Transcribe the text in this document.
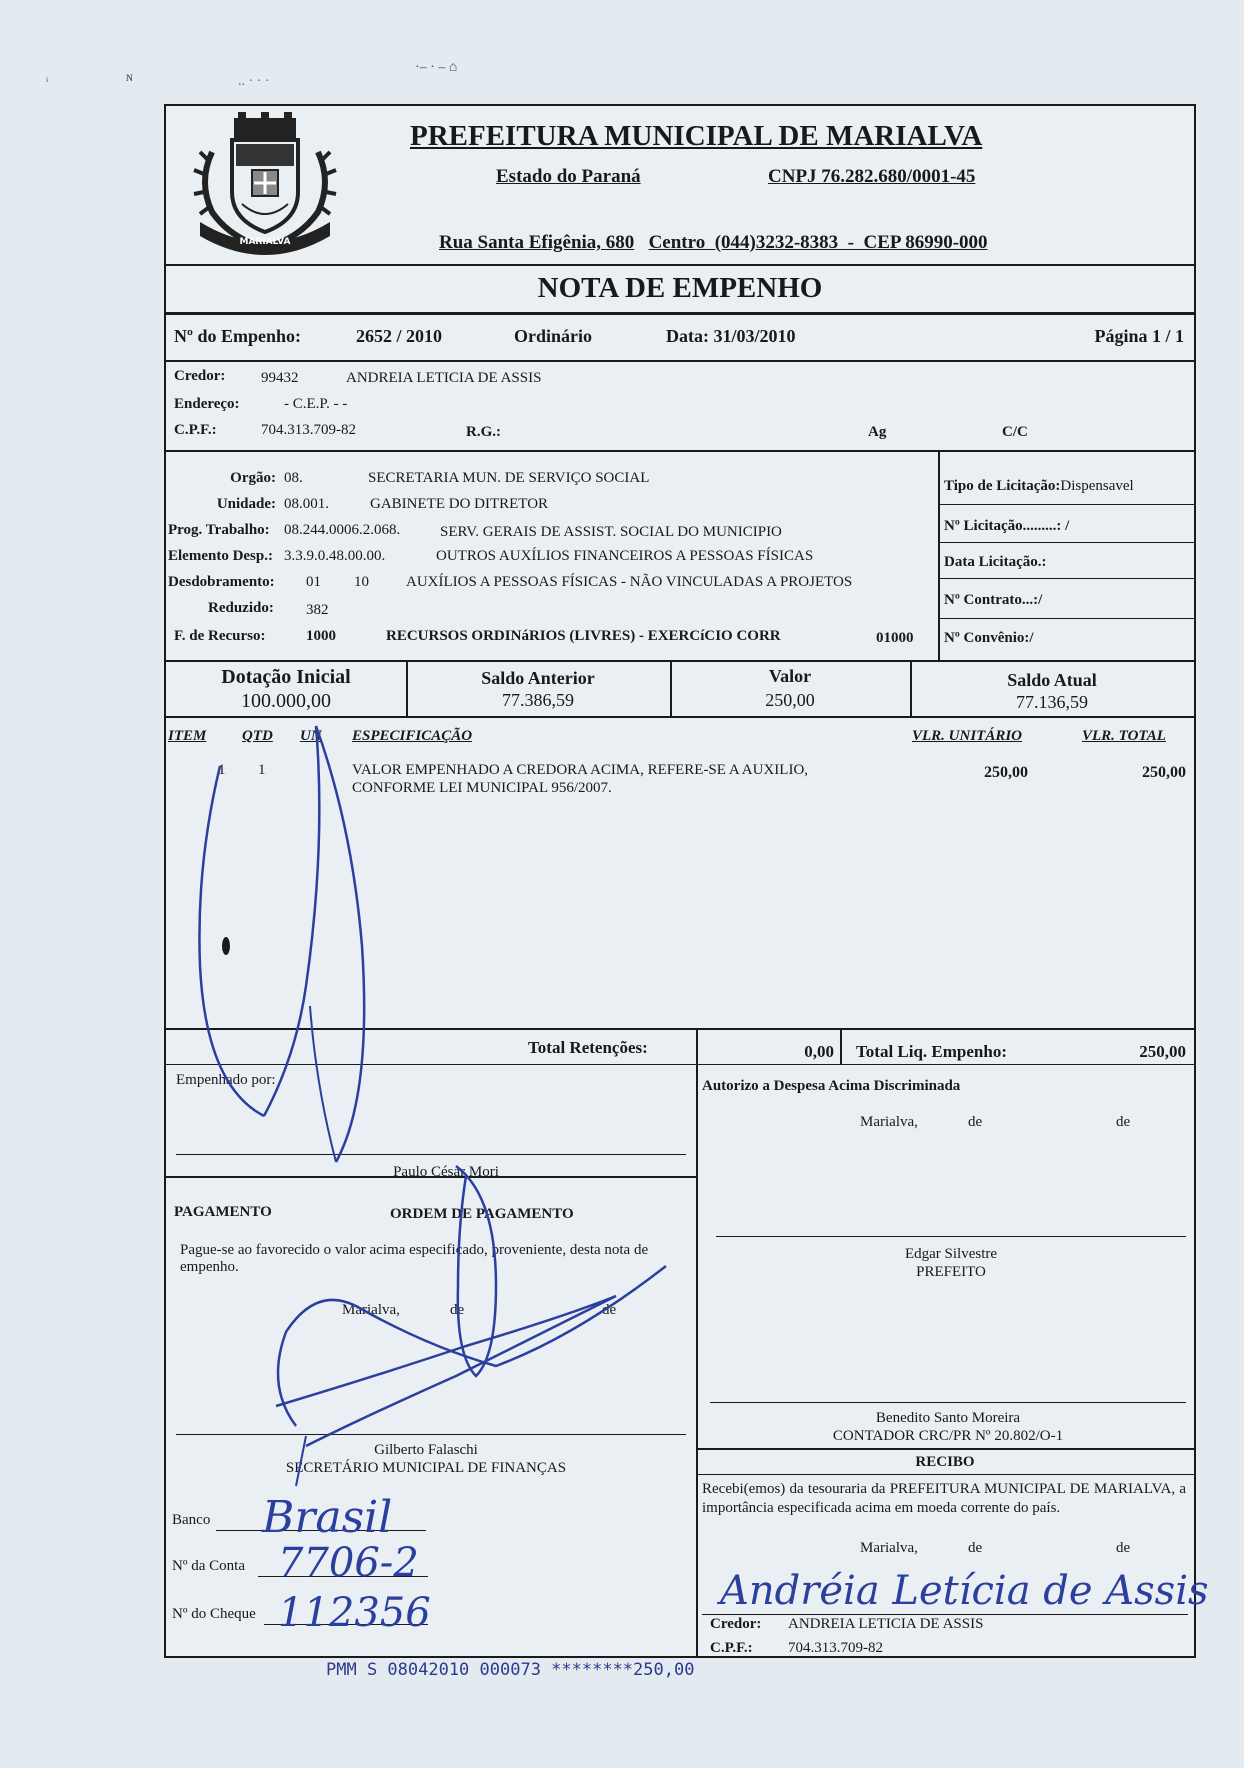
ᵢ	ɴ	.. · · ·
·– · – ⌂
MARIALVA
PREFEITURA MUNICIPAL DE MARIALVA
Estado do Paraná	CNPJ 76.282.680/0001-45

Rua Santa Efigênia, 680 Centro  (044)3232-8383  -  CEP 86990-000

NOTA DE EMPENHO
Nº do Empenho:	2652 / 2010	Ordinário	Data: 31/03/2010	Página 1 / 1
Credor: 99432	ANDREIA LETICIA DE ASSIS
Endereço:	- C.E.P. - -
C.P.F.:	704.313.709-82	R.G.:	Ag	C/C
Orgão: 08.	SECRETARIA MUN. DE SERVIÇO SOCIAL
Unidade: 08.001.	GABINETE DO DITRETOR
Prog. Trabalho: 08.244.0006.2.068.	SERV. GERAIS DE ASSIST. SOCIAL DO MUNICIPIO
Elemento Desp.: 3.3.9.0.48.00.00.	OUTROS AUXÍLIOS FINANCEIROS A PESSOAS FÍSICAS
Desdobramento: 01 10 AUXÍLIOS A PESSOAS FÍSICAS - NÃO VINCULADAS A PROJETOS
Reduzido: 382
F. de Recurso:	1000	RECURSOS ORDINáRIOS (LIVRES) - EXERCíCIO CORR	01000
Tipo de Licitação:Dispensavel
Nº Licitação.........: /
Data Licitação.:
Nº Contrato...:/
Nº Convênio:/
Dotação Inicial
100.000,00
Saldo Anterior
77.386,59
Valor
250,00
Saldo Atual
77.136,59
ITEM QTD UN ESPECIFICAÇÃO	VLR. UNITÁRIO	VLR. TOTAL
1 1	VALOR EMPENHADO A CREDORA ACIMA, REFERE-SE A AUXILIO,
CONFORME LEI MUNICIPAL 956/2007.
250,00	250,00
Total Retenções:	0,00 Total Liq. Empenho:	250,00
Empenhado por:
Paulo César Mori
Autorizo a Despesa Acima Discriminada
Marialva,	de	de
Edgar Silvestre
PREFEITO
PAGAMENTO	ORDEM DE PAGAMENTO
Pague-se ao favorecido o valor acima especificado, proveniente, desta nota de empenho.
Marialva,	de	de
Gilberto Falaschi
SECRETÁRIO MUNICIPAL DE FINANÇAS
Benedito Santo Moreira
CONTADOR CRC/PR Nº 20.802/O-1
RECIBO
Recebi(emos) da tesouraria da PREFEITURA MUNICIPAL DE MARIALVA, a importância especificada acima em moeda corrente do país.
Marialva,	de	de
Credor: ANDREIA LETICIA DE ASSIS
C.P.F.: 704.313.709-82
Banco
Nº da Conta
Nº do Cheque
Brasil
7706-2
112356	Andréia Letícia de Assis
PMM S 08042010 000073 ********250,00
